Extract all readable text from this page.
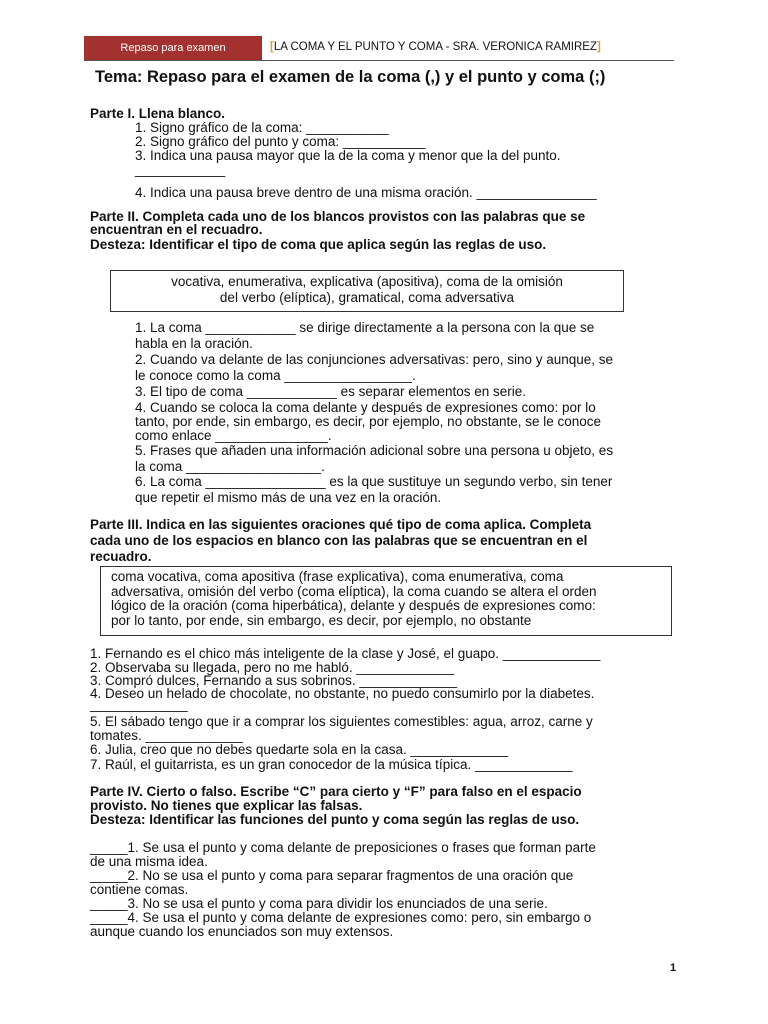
Repaso para examen	[LA COMA Y EL PUNTO Y COMA - SRA. VERONICA RAMIREZ]
Tema: Repaso para el examen de la coma (,) y el punto y coma (;)
Parte I. Llena blanco.
1. Signo gráfico de la coma: ___________
2. Signo gráfico del punto y coma: ___________
3. Indica una pausa mayor que la de la coma y menor que la del punto.
____________
4. Indica una pausa breve dentro de una misma oración. ________________
Parte II. Completa cada uno de los blancos provistos con las palabras que se
encuentran en el recuadro.
Desteza: Identificar el tipo de coma que aplica según las reglas de uso.
vocativa, enumerativa, explicativa (apositiva), coma de la omisión
del verbo (elíptica), gramatical, coma adversativa
1. La coma ____________ se dirige directamente a la persona con la que se
habla en la oración.
2. Cuando va delante de las conjunciones adversativas: pero, sino y aunque, se
le conoce como la coma _________________.
3. El tipo de coma ____________ es separar elementos en serie.
4. Cuando se coloca la coma delante y después de expresiones como: por lo
tanto, por ende, sin embargo, es decir, por ejemplo, no obstante, se le conoce
como enlace _______________.
5. Frases que añaden una información adicional sobre una persona u objeto, es
la coma __________________.
6. La coma ________________ es la que sustituye un segundo verbo, sin tener
que repetir el mismo más de una vez en la oración.
Parte III. Indica en las siguientes oraciones qué tipo de coma aplica. Completa
cada uno de los espacios en blanco con las palabras que se encuentran en el
recuadro.
coma vocativa, coma apositiva (frase explicativa), coma enumerativa, coma
adversativa, omisión del verbo (coma elíptica), la coma cuando se altera el orden
lógico de la oración (coma hiperbática), delante y después de expresiones como:
por lo tanto, por ende, sin embargo, es decir, por ejemplo, no obstante
1. Fernando es el chico más inteligente de la clase y José, el guapo. _____________
2. Observaba su llegada, pero no me habló. _____________
3. Compró dulces, Fernando a sus sobrinos. _____________
4. Deseo un helado de chocolate, no obstante, no puedo consumirlo por la diabetes.
_____________
5. El sábado tengo que ir a comprar los siguientes comestibles: agua, arroz, carne y
tomates. _____________
6. Julia, creo que no debes quedarte sola en la casa. _____________
7. Raúl, el guitarrista, es un gran conocedor de la música típica. _____________
Parte IV. Cierto o falso. Escribe “C” para cierto y “F” para falso en el espacio
provisto. No tienes que explicar las falsas.
Desteza: Identificar las funciones del punto y coma según las reglas de uso.
_____1. Se usa el punto y coma delante de preposiciones o frases que forman parte
de una misma idea.
_____2. No se usa el punto y coma para separar fragmentos de una oración que
contiene comas.
_____3. No se usa el punto y coma para dividir los enunciados de una serie.
_____4. Se usa el punto y coma delante de expresiones como: pero, sin embargo o
aunque cuando los enunciados son muy extensos.
1
